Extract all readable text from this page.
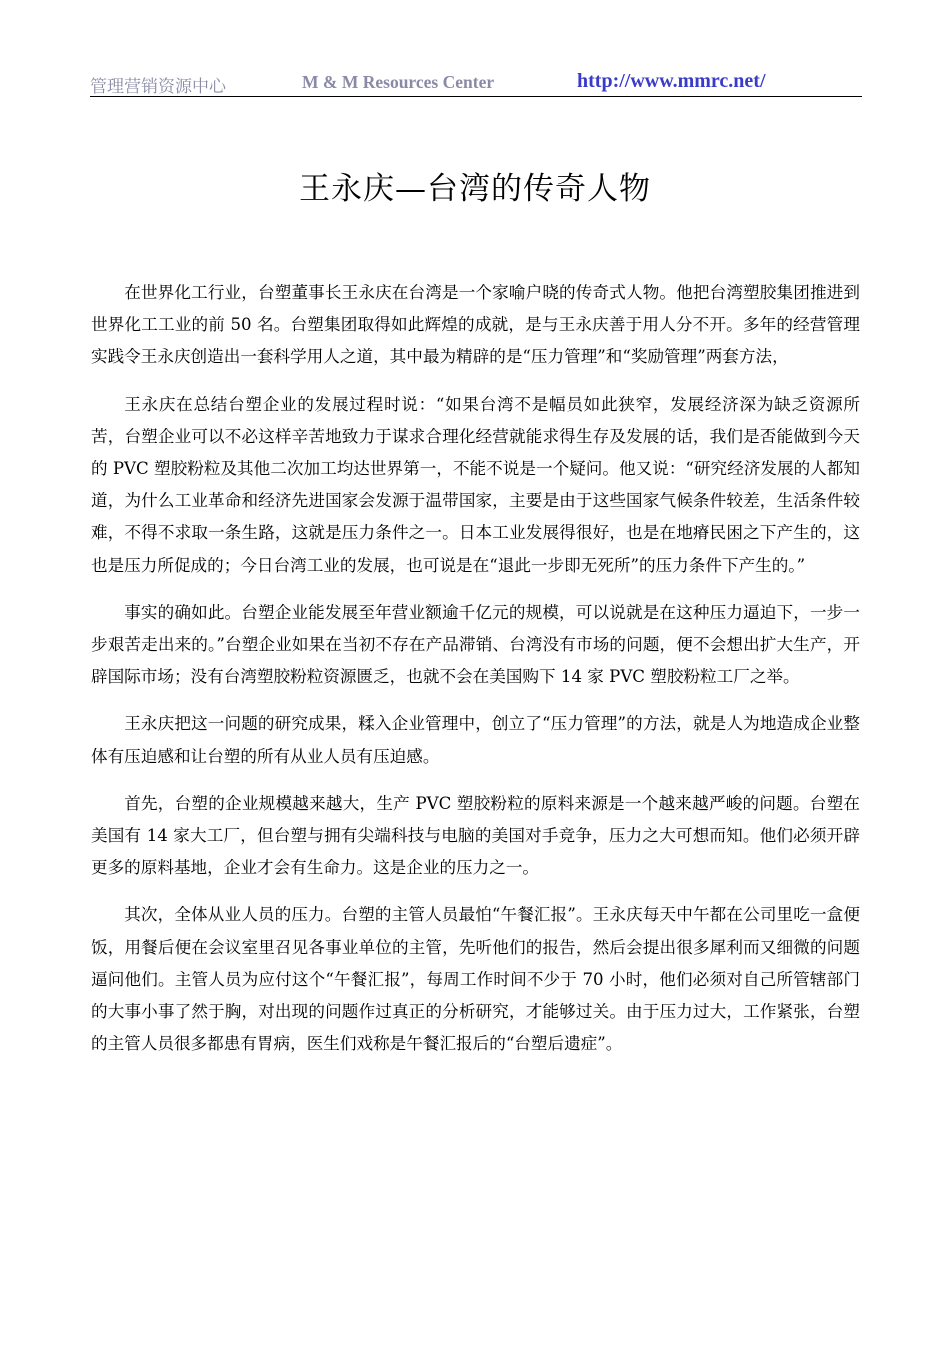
管理营销资源中心	M & M Resources Center	http://www.mmrc.net/
王永庆—台湾的传奇人物

在世界化工行业，台塑董事长王永庆在台湾是一个家喻户晓的传奇式人物。他把台湾塑胶集团推进到世界化工工业的前 50 名。台塑集团取得如此辉煌的成就，是与王永庆善于用人分不开。多年的经营管理实践令王永庆创造出一套科学用人之道，其中最为精辟的是“压力管理”和“奖励管理”两套方法，

王永庆在总结台塑企业的发展过程时说：“如果台湾不是幅员如此狭窄，发展经济深为缺乏资源所苦，台塑企业可以不必这样辛苦地致力于谋求合理化经营就能求得生存及发展的话，我们是否能做到今天的 PVC 塑胶粉粒及其他二次加工均达世界第一，不能不说是一个疑问。他又说：“研究经济发展的人都知道，为什么工业革命和经济先进国家会发源于温带国家，主要是由于这些国家气候条件较差，生活条件较难，不得不求取一条生路，这就是压力条件之一。日本工业发展得很好，也是在地瘠民困之下产生的，这也是压力所促成的；今日台湾工业的发展，也可说是在“退此一步即无死所”的压力条件下产生的。”

事实的确如此。台塑企业能发展至年营业额逾千亿元的规模，可以说就是在这种压力逼迫下，一步一步艰苦走出来的。”台塑企业如果在当初不存在产品滞销、台湾没有市场的问题，便不会想出扩大生产，开辟国际市场；没有台湾塑胶粉粒资源匮乏，也就不会在美国购下 14 家 PVC 塑胶粉粒工厂之举。

王永庆把这一问题的研究成果，糅入企业管理中，创立了“压力管理”的方法，就是人为地造成企业整体有压迫感和让台塑的所有从业人员有压迫感。

首先，台塑的企业规模越来越大，生产 PVC 塑胶粉粒的原料来源是一个越来越严峻的问题。台塑在美国有 14 家大工厂，但台塑与拥有尖端科技与电脑的美国对手竞争，压力之大可想而知。他们必须开辟更多的原料基地，企业才会有生命力。这是企业的压力之一。

其次，全体从业人员的压力。台塑的主管人员最怕“午餐汇报”。王永庆每天中午都在公司里吃一盒便饭，用餐后便在会议室里召见各事业单位的主管，先听他们的报告，然后会提出很多犀利而又细微的问题逼问他们。主管人员为应付这个“午餐汇报”，每周工作时间不少于 70 小时，他们必须对自己所管辖部门的大事小事了然于胸，对出现的问题作过真正的分析研究，才能够过关。由于压力过大，工作紧张，台塑的主管人员很多都患有胃病，医生们戏称是午餐汇报后的“台塑后遗症”。
